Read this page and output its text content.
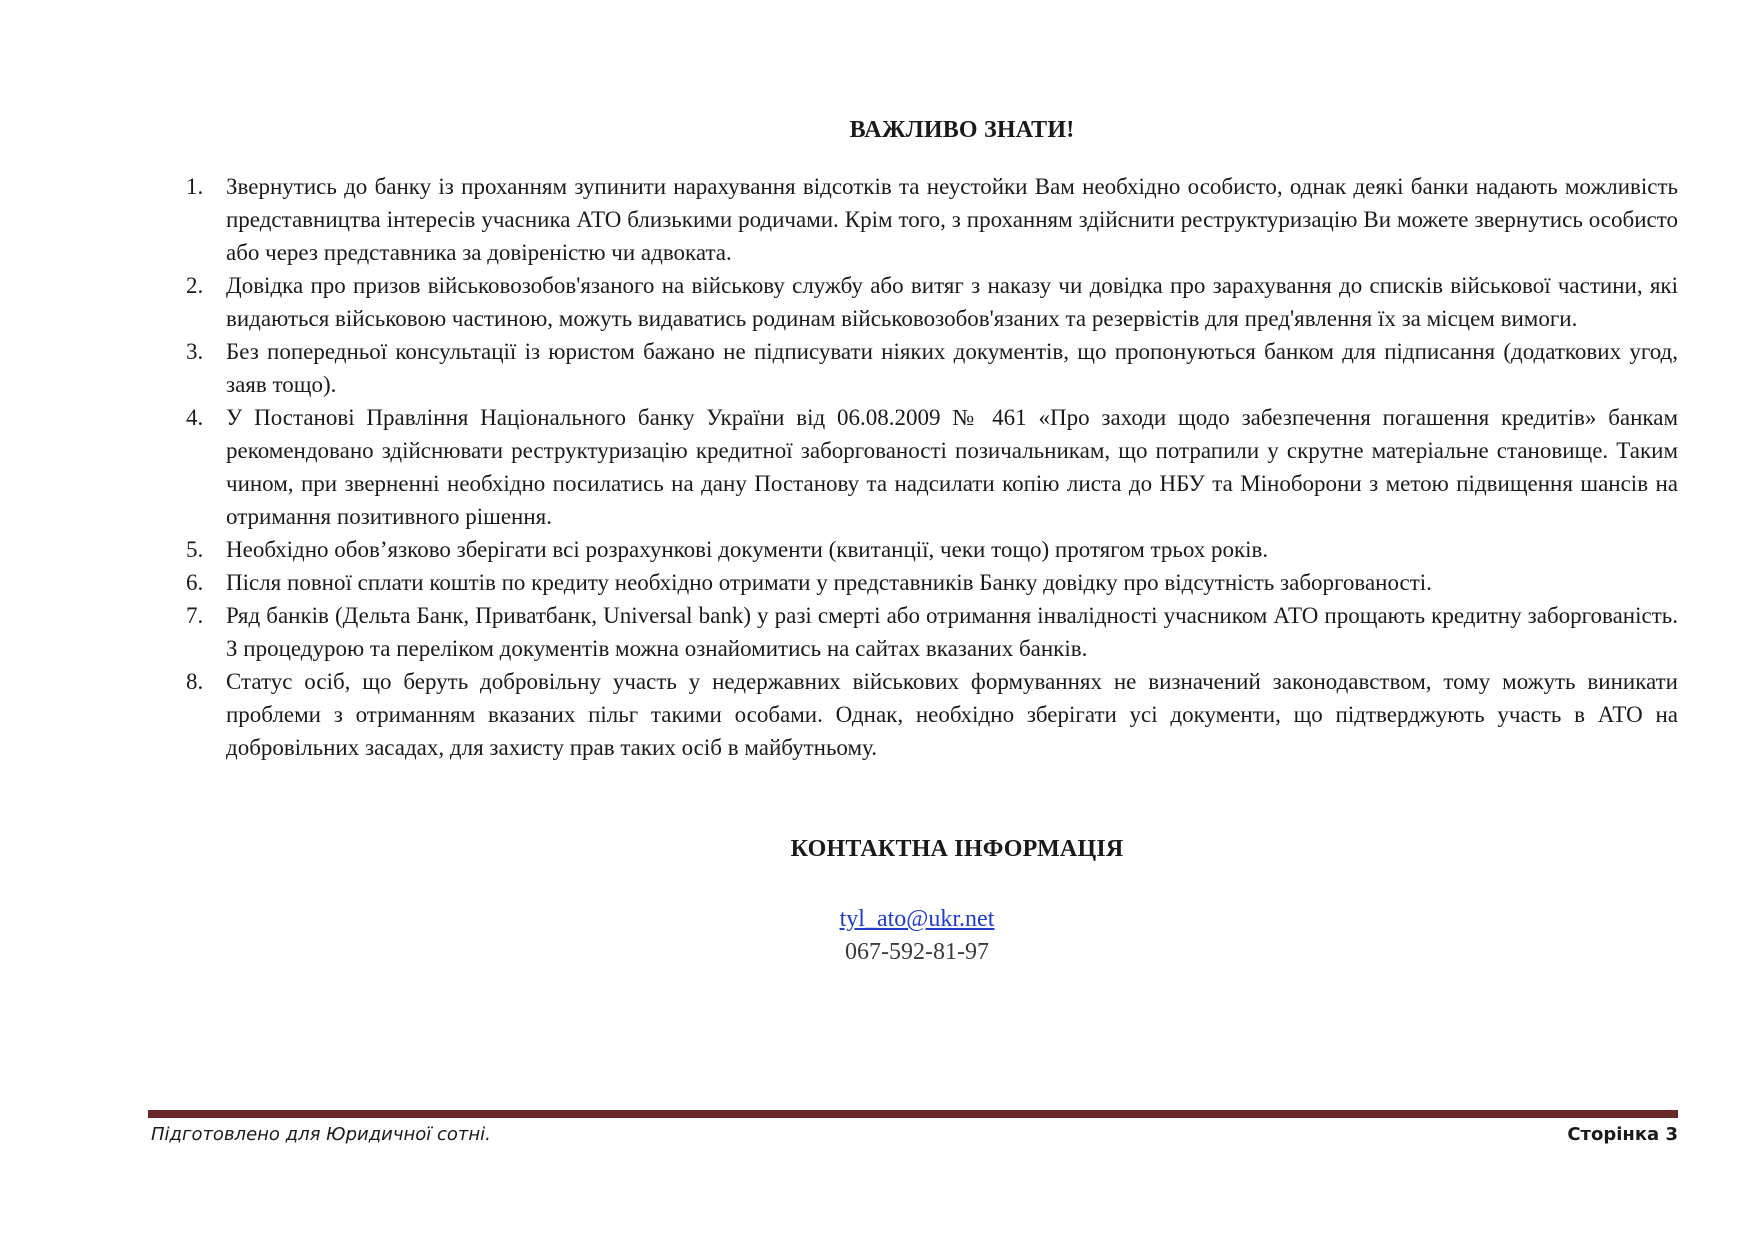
ВАЖЛИВО ЗНАТИ!
1. Звернутись до банку із проханням зупинити нарахування відсотків та неустойки Вам необхідно особисто, однак деякі банки надають можливість представництва інтересів учасника АТО близькими родичами. Крім того, з проханням здійснити реструктуризацію Ви можете звернутись особисто або через представника за довіреністю чи адвоката.
2. Довідка про призов військовозобов'язаного на військову службу або витяг з наказу чи довідка про зарахування до списків військової частини, які видаються військовою частиною, можуть видаватись родинам військовозобов'язаних та резервістів для пред'явлення їх за місцем вимоги.
3. Без попередньої консультації із юристом бажано не підписувати ніяких документів, що пропонуються банком для підписання (додаткових угод, заяв тощо).
4. У Постанові Правління Національного банку України від 06.08.2009 № 461 «Про заходи щодо забезпечення погашення кредитів» банкам рекомендовано здійснювати реструктуризацію кредитної заборгованості позичальникам, що потрапили у скрутне матеріальне становище. Таким чином, при зверненні необхідно посилатись на дану Постанову та надсилати копію листа до НБУ та Міноборони з метою підвищення шансів на отримання позитивного рішення.
5. Необхідно обов’язково зберігати всі розрахункові документи (квитанції, чеки тощо) протягом трьох років.
6. Після повної сплати коштів по кредиту необхідно отримати у представників Банку довідку про відсутність заборгованості.
7. Ряд банків (Дельта Банк, Приватбанк, Universal bank) у разі смерті або отримання інвалідності учасником АТО прощають кредитну заборгованість. З процедурою та переліком документів можна ознайомитись на сайтах вказаних банків.
8. Статус осіб, що беруть добровільну участь у недержавних військових формуваннях не визначений законодавством, тому можуть виникати проблеми з отриманням вказаних пільг такими особами. Однак, необхідно зберігати усі документи, що підтверджують участь в АТО на добровільних засадах, для захисту прав таких осіб в майбутньому.
КОНТАКТНА ІНФОРМАЦІЯ
tyl_ato@ukr.net
067-592-81-97
Підготовлено для Юридичної сотні.	Сторінка 3
